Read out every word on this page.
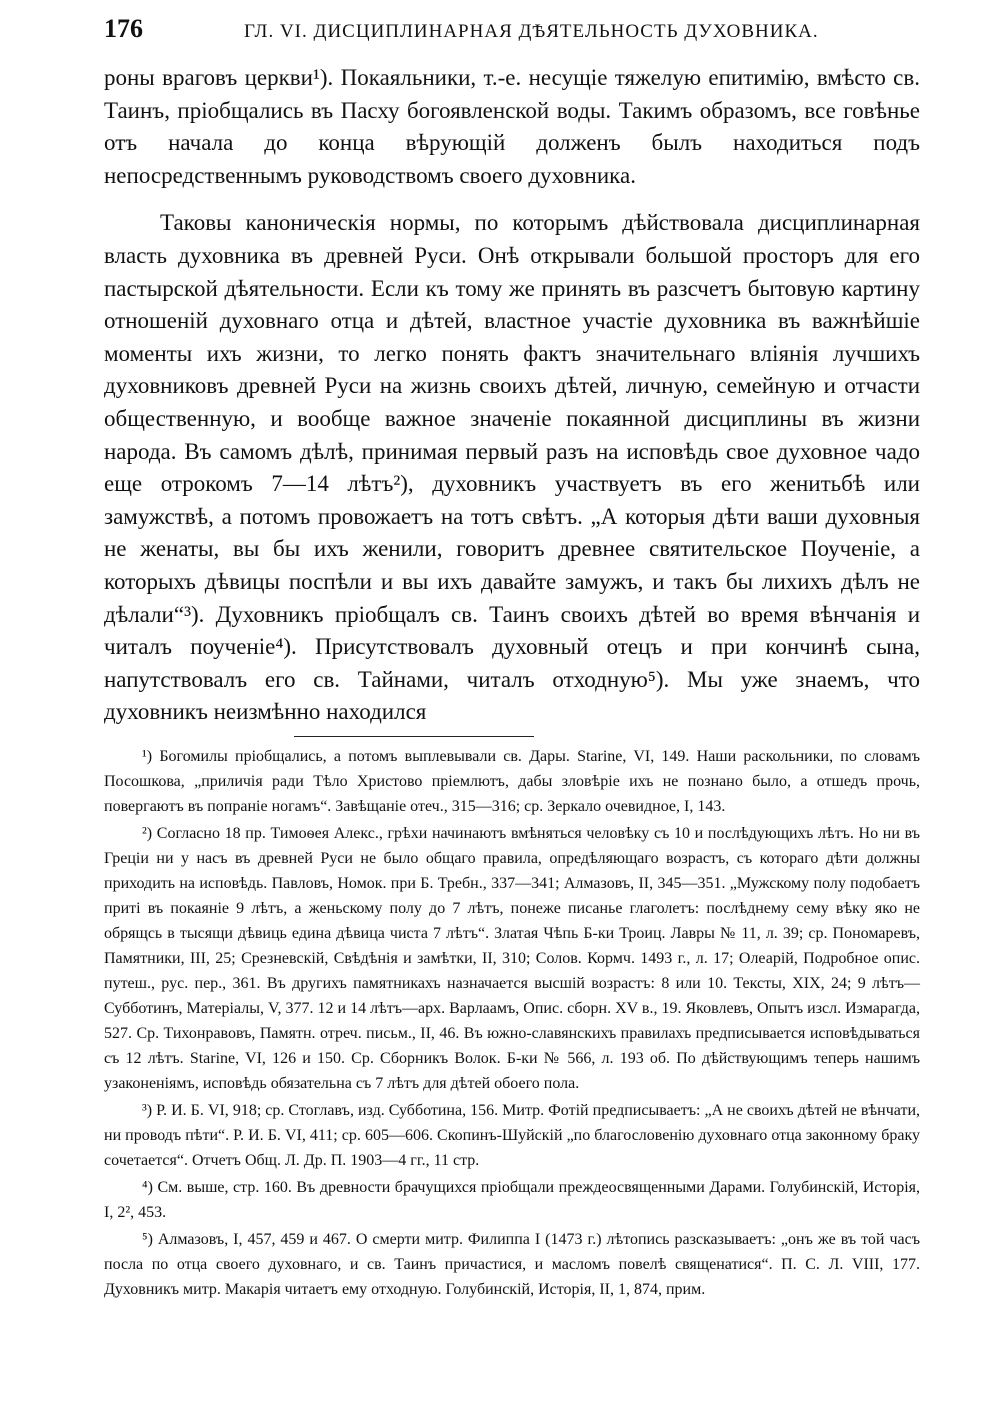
176	ГЛ. VI. ДИСЦИПЛИНАРНАЯ ДѢЯТЕЛЬНОСТЬ ДУХОВНИКА.

роны враговъ церкви¹). Покаяльники, т.-е. несущіе тяжелую епитимію, вмѣсто св. Таинъ, пріобщались въ Пасху богоявленской воды. Такимъ образомъ, все говѣнье отъ начала до конца вѣрующій долженъ былъ находиться подъ непосредственнымъ руководствомъ своего духовника.

Таковы каноническія нормы, по которымъ дѣйствовала дисциплинарная власть духовника въ древней Руси. Онѣ открывали большой просторъ для его пастырской дѣятельности. Если къ тому же принять въ разсчетъ бытовую картину отношеній духовнаго отца и дѣтей, властное участіе духовника въ важнѣйшіе моменты ихъ жизни, то легко понять фактъ значительнаго вліянія лучшихъ духовниковъ древней Руси на жизнь своихъ дѣтей, личную, семейную и отчасти общественную, и вообще важное значеніе покаянной дисциплины въ жизни народа. Въ самомъ дѣлѣ, принимая первый разъ на исповѣдь свое духовное чадо еще отрокомъ 7—14 лѣтъ²), духовникъ участвуетъ въ его женитьбѣ или замужствѣ, а потомъ провожаетъ на тотъ свѣтъ. „А которыя дѣти ваши духовныя не женаты, вы бы ихъ женили, говоритъ древнее святительское Поученіе, а которыхъ дѣвицы поспѣли и вы ихъ давайте замужъ, и такъ бы лихихъ дѣлъ не дѣлали“³). Духовникъ пріобщалъ св. Таинъ своихъ дѣтей во время вѣнчанія и читалъ поученіе⁴). Присутствовалъ духовный отецъ и при кончинѣ сына, напутствовалъ его св. Тайнами, читалъ отходную⁵). Мы уже знаемъ, что духовникъ неизмѣнно находился

¹) Богомилы пріобщались, а потомъ выплевывали св. Дары. Starine, VI, 149. Наши раскольники, по словамъ Посошкова, „приличія ради Тѣло Христово пріемлютъ, дабы зловѣріе ихъ не познано было, а отшедъ прочь, повергаютъ въ попраніе ногамъ“. Завѣщаніе отеч., 315—316; ср. Зеркало очевидное, I, 143.

²) Согласно 18 пр. Тимоѳея Алекс., грѣхи начинаютъ вмѣняться человѣку съ 10 и послѣдующихъ лѣтъ. Но ни въ Греціи ни у насъ въ древней Руси не было общаго правила, опредѣляющаго возрастъ, съ котораго дѣти должны приходить на исповѣдь. Павловъ, Номок. при Б. Требн., 337—341; Алмазовъ, II, 345—351. „Мужскому полу подобаетъ приті въ покаяніе 9 лѣтъ, а женьскому полу до 7 лѣтъ, понеже писанье глаголетъ: послѣднему сему вѣку яко не обрящсь в тысящи дѣвиць едина дѣвица чиста 7 лѣтъ“. Златая Чѣпь Б-ки Троиц. Лавры № 11, л. 39; ср. Пономаревъ, Памятники, III, 25; Срезневскій, Свѣдѣнія и замѣтки, II, 310; Солов. Кормч. 1493 г., л. 17; Олеарій, Подробное опис. путеш., рус. пер., 361. Въ другихъ памятникахъ назначается высшій возрастъ: 8 или 10. Тексты, XIX, 24; 9 лѣтъ—Субботинъ, Матеріалы, V, 377. 12 и 14 лѣтъ—арх. Варлаамъ, Опис. сборн. XV в., 19. Яковлевъ, Опытъ изсл. Измарагда, 527. Ср. Тихонравовъ, Памятн. отреч. письм., II, 46. Въ южно-славянскихъ правилахъ предписывается исповѣдываться съ 12 лѣтъ. Starine, VI, 126 и 150. Ср. Сборникъ Волок. Б-ки № 566, л. 193 об. По дѣйствующимъ теперь нашимъ узаконеніямъ, исповѣдь обязательна съ 7 лѣтъ для дѣтей обоего пола.

³) Р. И. Б. VI, 918; ср. Стоглавъ, изд. Субботина, 156. Митр. Фотій предписываетъ: „А не своихъ дѣтей не вѣнчати, ни проводъ пѣти“. Р. И. Б. VI, 411; ср. 605—606. Скопинъ-Шуйскій „по благословенію духовнаго отца законному браку сочетается“. Отчетъ Общ. Л. Др. П. 1903—4 гг., 11 стр.

⁴) См. выше, стр. 160. Въ древности брачущихся пріобщали преждеосвященными Дарами. Голубинскій, Исторія, I, 2², 453.

⁵) Алмазовъ, I, 457, 459 и 467. О смерти митр. Филиппа I (1473 г.) лѣтопись разсказываетъ: „онъ же въ той часъ посла по отца своего духовнаго, и св. Таинъ причастися, и масломъ повелѣ священатися“. П. С. Л. VIII, 177. Духовникъ митр. Макарія читаетъ ему отходную. Голубинскій, Исторія, II, 1, 874, прим.
